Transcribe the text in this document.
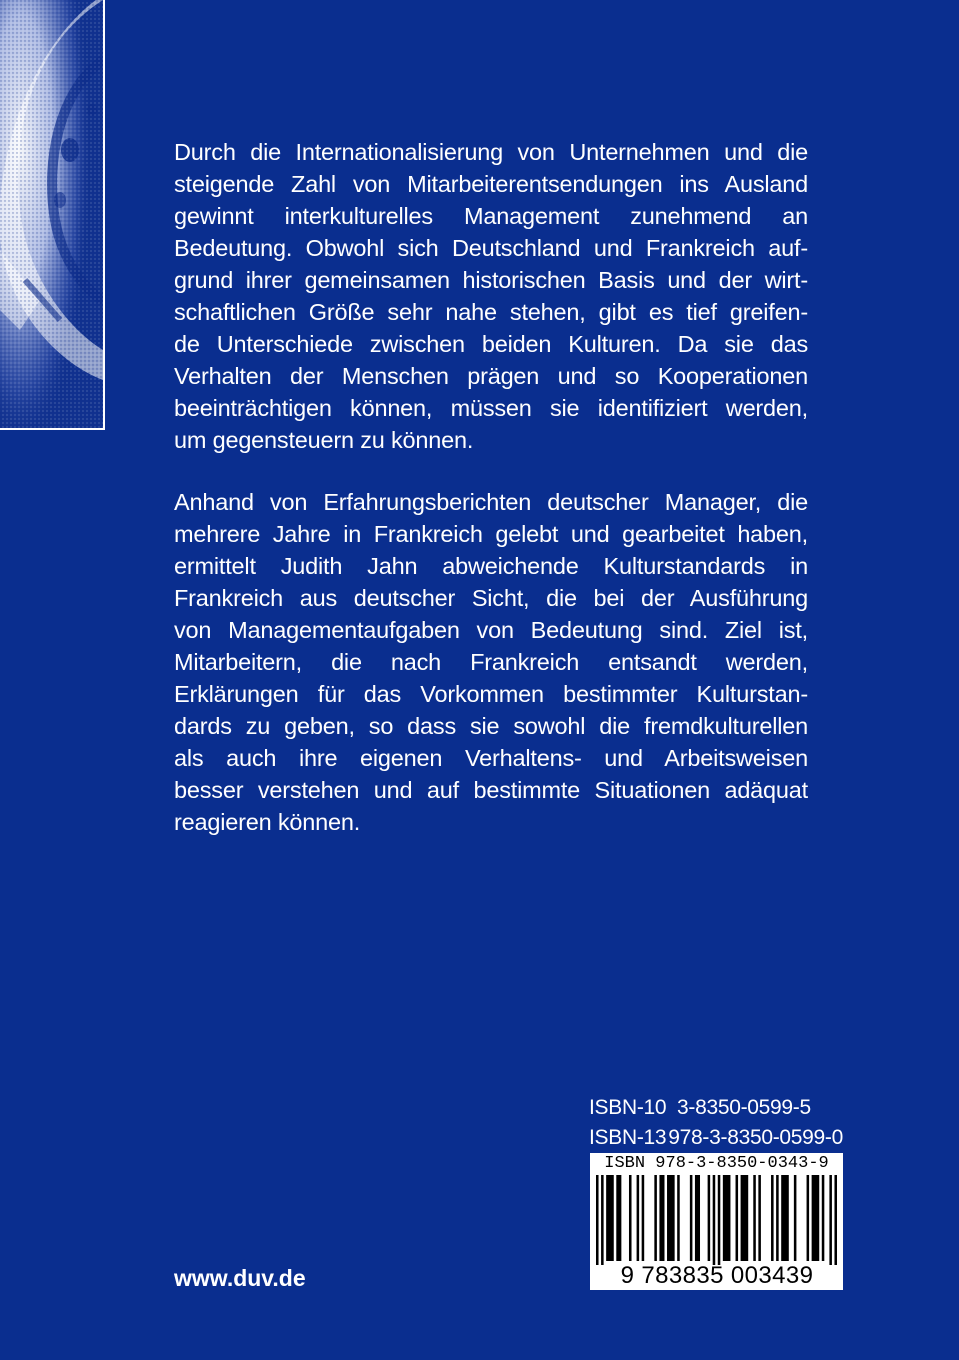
Durch die Internationalisierung von Unternehmen und die
steigende Zahl von Mitarbeiterentsendungen ins Ausland
gewinnt interkulturelles Management zunehmend an
Bedeutung. Obwohl sich Deutschland und Frankreich auf-
grund ihrer gemeinsamen historischen Basis und der wirt-
schaftlichen Größe sehr nahe stehen, gibt es tief greifen-
de Unterschiede zwischen beiden Kulturen. Da sie das
Verhalten der Menschen prägen und so Kooperationen
beeinträchtigen können, müssen sie identifiziert werden,
um gegensteuern zu können.
Anhand von Erfahrungsberichten deutscher Manager, die
mehrere Jahre in Frankreich gelebt und gearbeitet haben,
ermittelt Judith Jahn abweichende Kulturstandards in
Frankreich aus deutscher Sicht, die bei der Ausführung
von Managementaufgaben von Bedeutung sind. Ziel ist,
Mitarbeitern, die nach Frankreich entsandt werden,
Erklärungen für das Vorkommen bestimmter Kulturstan-
dards zu geben, so dass sie sowohl die fremdkulturellen
als auch ihre eigenen Verhaltens- und Arbeitsweisen
besser verstehen und auf bestimmte Situationen adäquat
reagieren können.
www.duv.de
ISBN-10 3-8350-0599-5
ISBN-13 978-3-8350-0599-0
ISBN 978-3-8350-0343-9
9 783835 003439
